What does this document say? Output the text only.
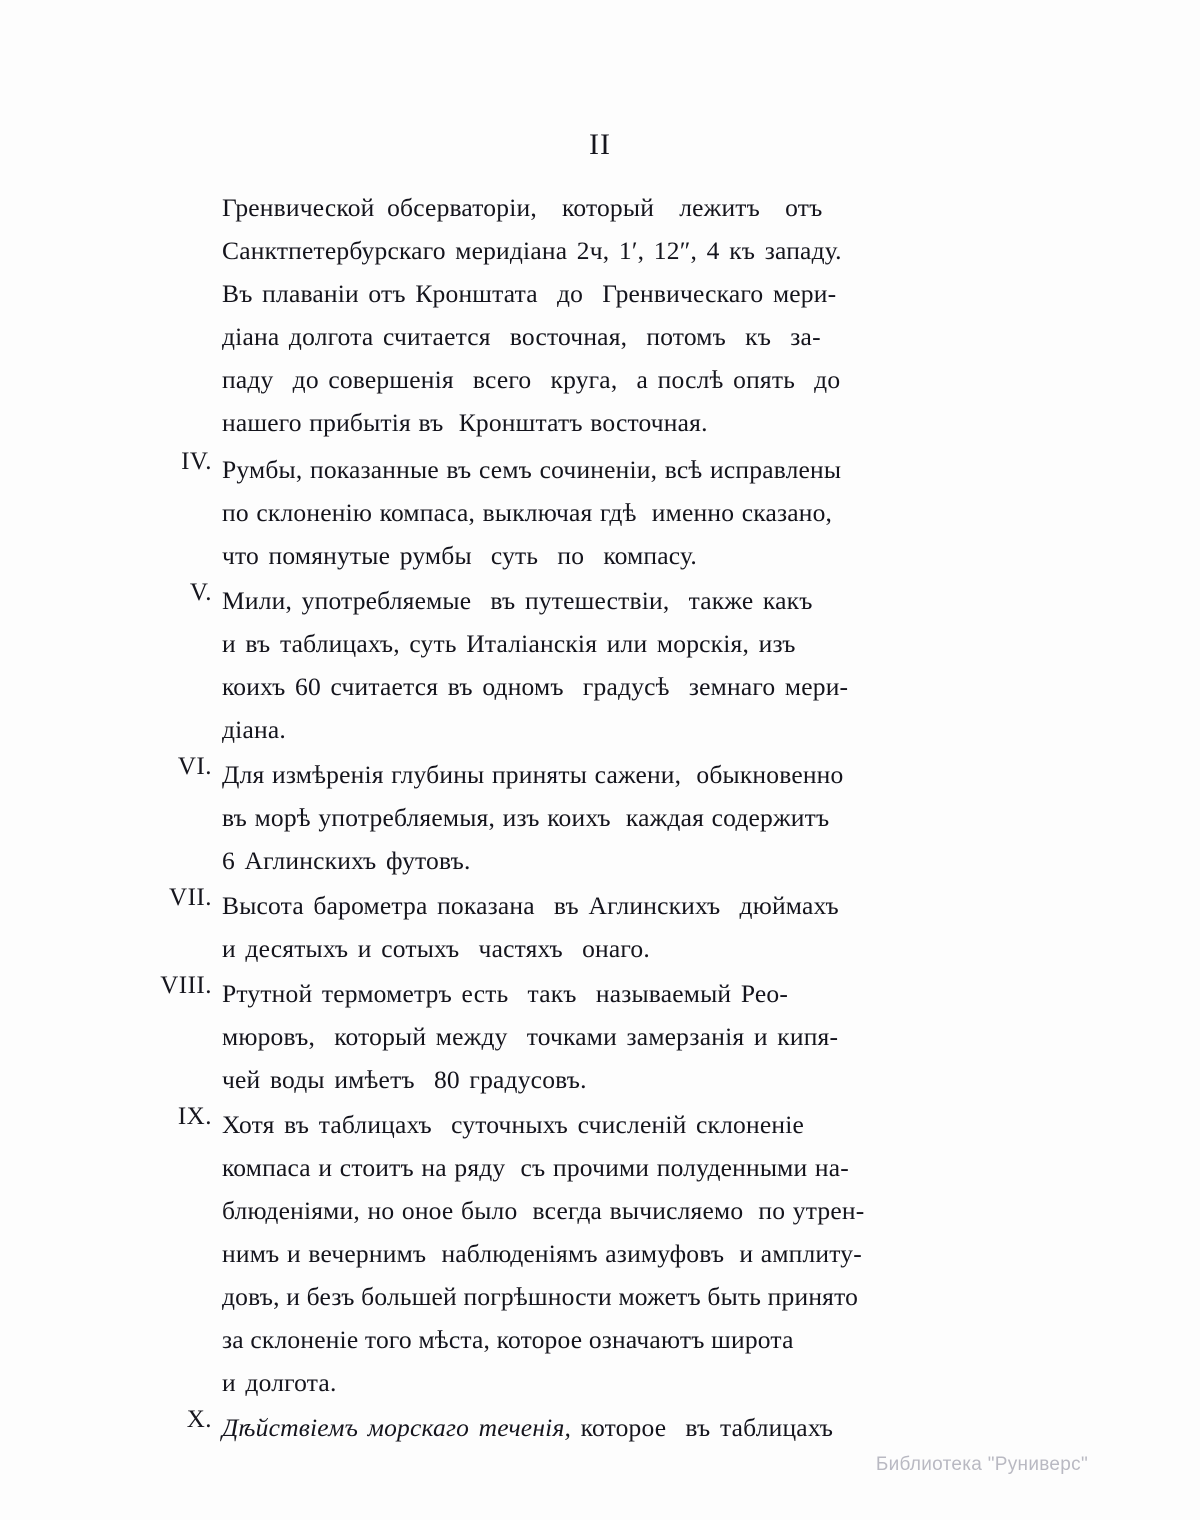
II
Гренвической обсерваторіи,  который  лежитъ  отъ
Санктпетербурскаго меридіана 2ч, 1′, 12″, 4 къ западу.
Въ плаваніи отъ Кронштата  до  Гренвическаго мери-
діана долгота считается  восточная,  потомъ  къ  за-
паду  до совершенія  всего  круга,  а послѣ опять  до
нашего прибытія въ  Кронштатъ восточная.
IV. Румбы, показанные въ семъ сочиненіи, всѣ исправлены
по склоненію компаса, выключая гдѣ  именно сказано,
что помянутые румбы  суть  по  компасу.
V. Мили, употребляемые  въ путешествіи,  также какъ
и въ таблицахъ, суть Италіанскія или морскія, изъ
коихъ 60 считается въ одномъ  градусѣ  земнаго мери-
діана.
VI. Для измѣренія глубины приняты сажени,  обыкновенно
въ морѣ употребляемыя, изъ коихъ  каждая содержитъ
6 Аглинскихъ футовъ.
VII. Высота барометра показана  въ Аглинскихъ  дюймахъ
и десятыхъ и сотыхъ  частяхъ  онаго.
VIII. Ртутной термометръ есть  такъ  называемый Рео-
мюровъ,  который между  точками замерзанія и кипя-
чей воды имѣетъ  80 градусовъ.
IX. Хотя въ таблицахъ  суточныхъ счисленій склоненіе
компаса и стоитъ на ряду  съ прочими полуденными на-
блюденіями, но оное было  всегда вычисляемо  по утрен-
нимъ и вечернимъ  наблюденіямъ азимуфовъ  и амплиту-
довъ, и безъ большей погрѣшности можетъ быть принято
за склоненіе того мѣста, которое означаютъ широта
и долгота.
X. Дѣйствіемъ морскаго теченія, которое  въ таблицахъ
Библиотека "Руниверс"
